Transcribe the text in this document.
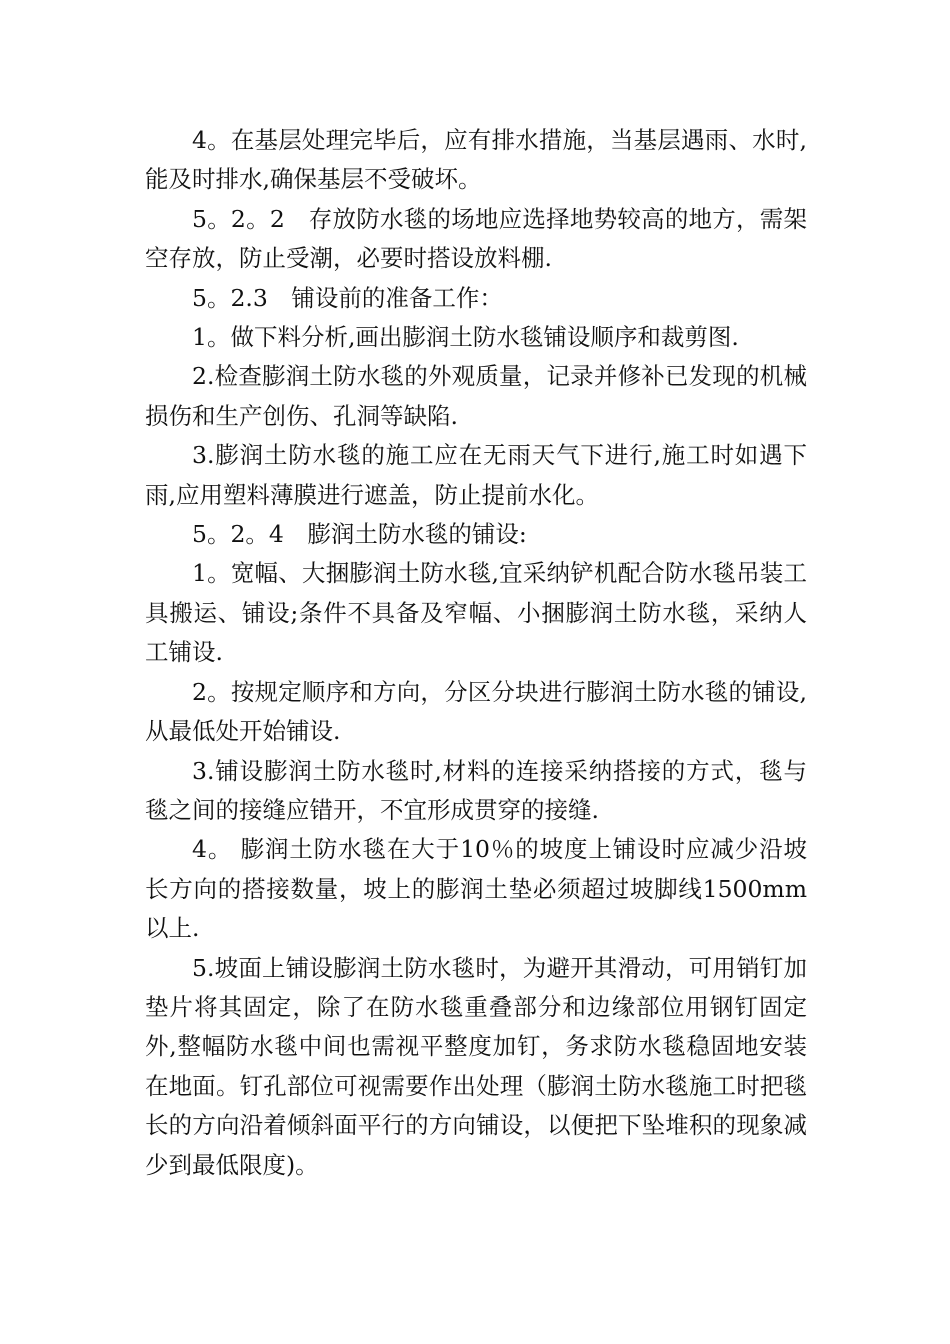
4。在基层处理完毕后，应有排水措施，当基层遇雨、水时,能及时排水,确保基层不受破坏。

5。2。2　存放防水毯的场地应选择地势较高的地方，需架空存放，防止受潮，必要时搭设放料棚.

5。2.3　铺设前的准备工作：

1。做下料分析,画出膨润土防水毯铺设顺序和裁剪图.

2.检查膨润土防水毯的外观质量，记录并修补已发现的机械损伤和生产创伤、孔洞等缺陷.

3.膨润土防水毯的施工应在无雨天气下进行,施工时如遇下雨,应用塑料薄膜进行遮盖，防止提前水化。

5。2。4　膨润土防水毯的铺设:

1。宽幅、大捆膨润土防水毯,宜采纳铲机配合防水毯吊装工具搬运、铺设;条件不具备及窄幅、小捆膨润土防水毯，采纳人工铺设.

2。按规定顺序和方向，分区分块进行膨润土防水毯的铺设,从最低处开始铺设.

3.铺设膨润土防水毯时,材料的连接采纳搭接的方式，毯与毯之间的接缝应错开，不宜形成贯穿的接缝.

4。 膨润土防水毯在大于10％的坡度上铺设时应减少沿坡长方向的搭接数量，坡上的膨润土垫必须超过坡脚线1500mm以上.

5.坡面上铺设膨润土防水毯时，为避开其滑动，可用销钉加垫片将其固定，除了在防水毯重叠部分和边缘部位用钢钉固定外,整幅防水毯中间也需视平整度加钉，务求防水毯稳固地安装在地面。钉孔部位可视需要作出处理（膨润土防水毯施工时把毯长的方向沿着倾斜面平行的方向铺设，以便把下坠堆积的现象减少到最低限度)。
